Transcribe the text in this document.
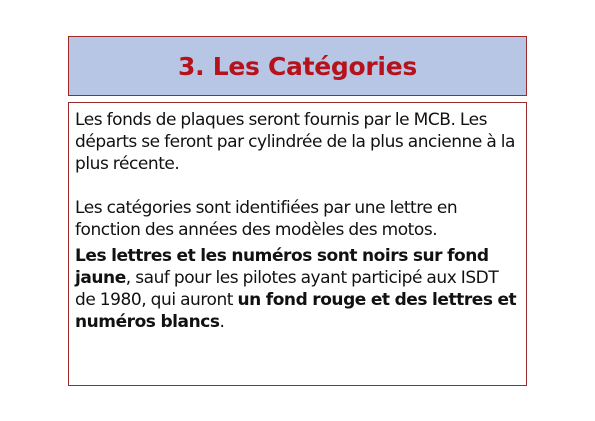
3. Les Catégories

Les fonds de plaques seront fournis par le MCB. Les départs se feront par cylindrée de la plus ancienne à la plus récente.

Les catégories sont identifiées par une lettre en fonction des années des modèles des motos.

Les lettres et les numéros sont noirs sur fond jaune, sauf pour les pilotes ayant participé aux ISDT de 1980, qui auront un fond rouge et des lettres et numéros blancs.
